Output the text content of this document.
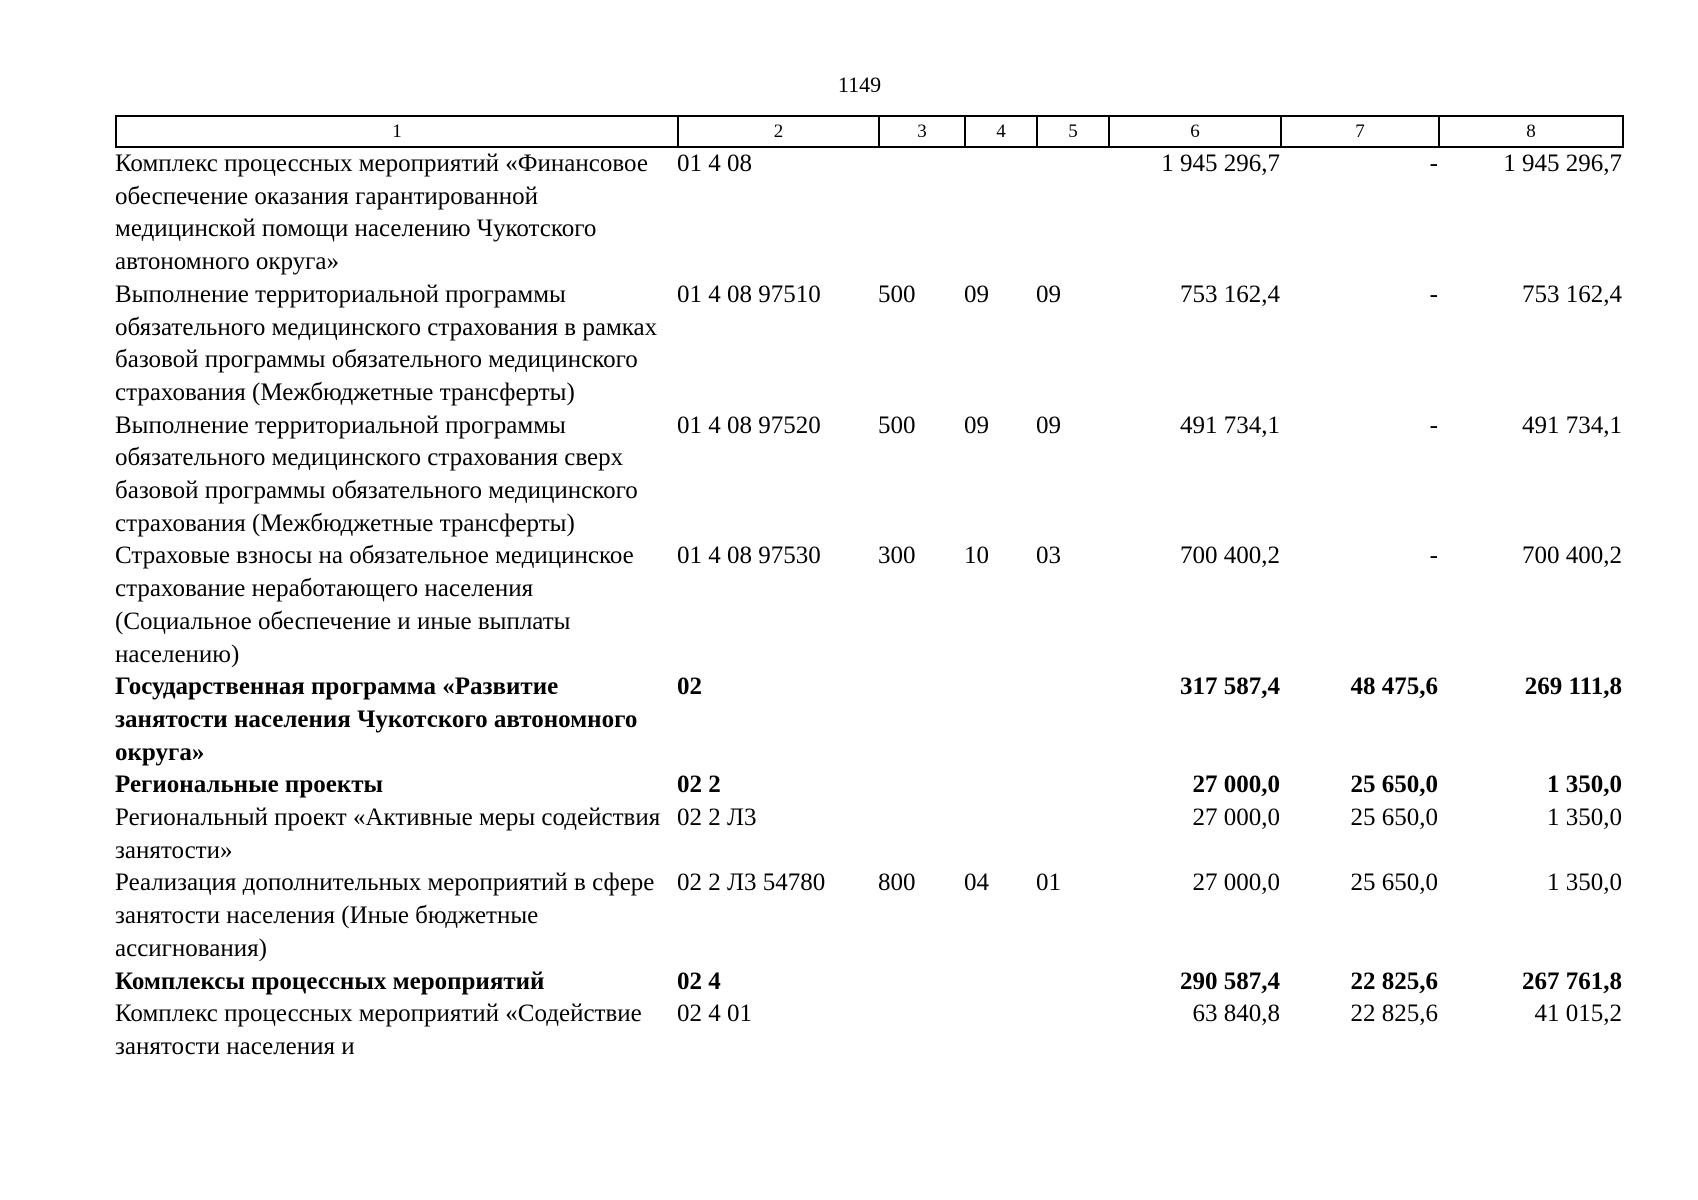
1149
1	2	3	4	5	6	7	8
Комплекс процессных мероприятий «Финансовое обеспечение оказания гарантированной медицинской помощи населению Чукотского автономного округа»	01 4 08				1 945 296,7	-	1 945 296,7
Выполнение территориальной программы обязательного медицинского страхования в рамках базовой программы обязательного медицинского страхования (Межбюджетные трансферты)	01 4 08 97510	500	09	09	753 162,4	-	753 162,4
Выполнение территориальной программы обязательного медицинского страхования сверх базовой программы обязательного медицинского страхования (Межбюджетные трансферты)	01 4 08 97520	500	09	09	491 734,1	-	491 734,1
Страховые взносы на обязательное медицинское страхование неработающего населения (Социальное обеспечение и иные выплаты населению)	01 4 08 97530	300	10	03	700 400,2	-	700 400,2
Государственная программа «Развитие занятости населения Чукотского автономного округа»	02				317 587,4	48 475,6	269 111,8
Региональные проекты	02 2				27 000,0	25 650,0	1 350,0
Региональный проект «Активные меры содействия занятости»	02 2 Л3				27 000,0	25 650,0	1 350,0
Реализация дополнительных мероприятий в сфере занятости населения (Иные бюджетные ассигнования)	02 2 Л3 54780	800	04	01	27 000,0	25 650,0	1 350,0
Комплексы процессных мероприятий	02 4				290 587,4	22 825,6	267 761,8
Комплекс процессных мероприятий «Содействие занятости населения и	02 4 01				63 840,8	22 825,6	41 015,2
